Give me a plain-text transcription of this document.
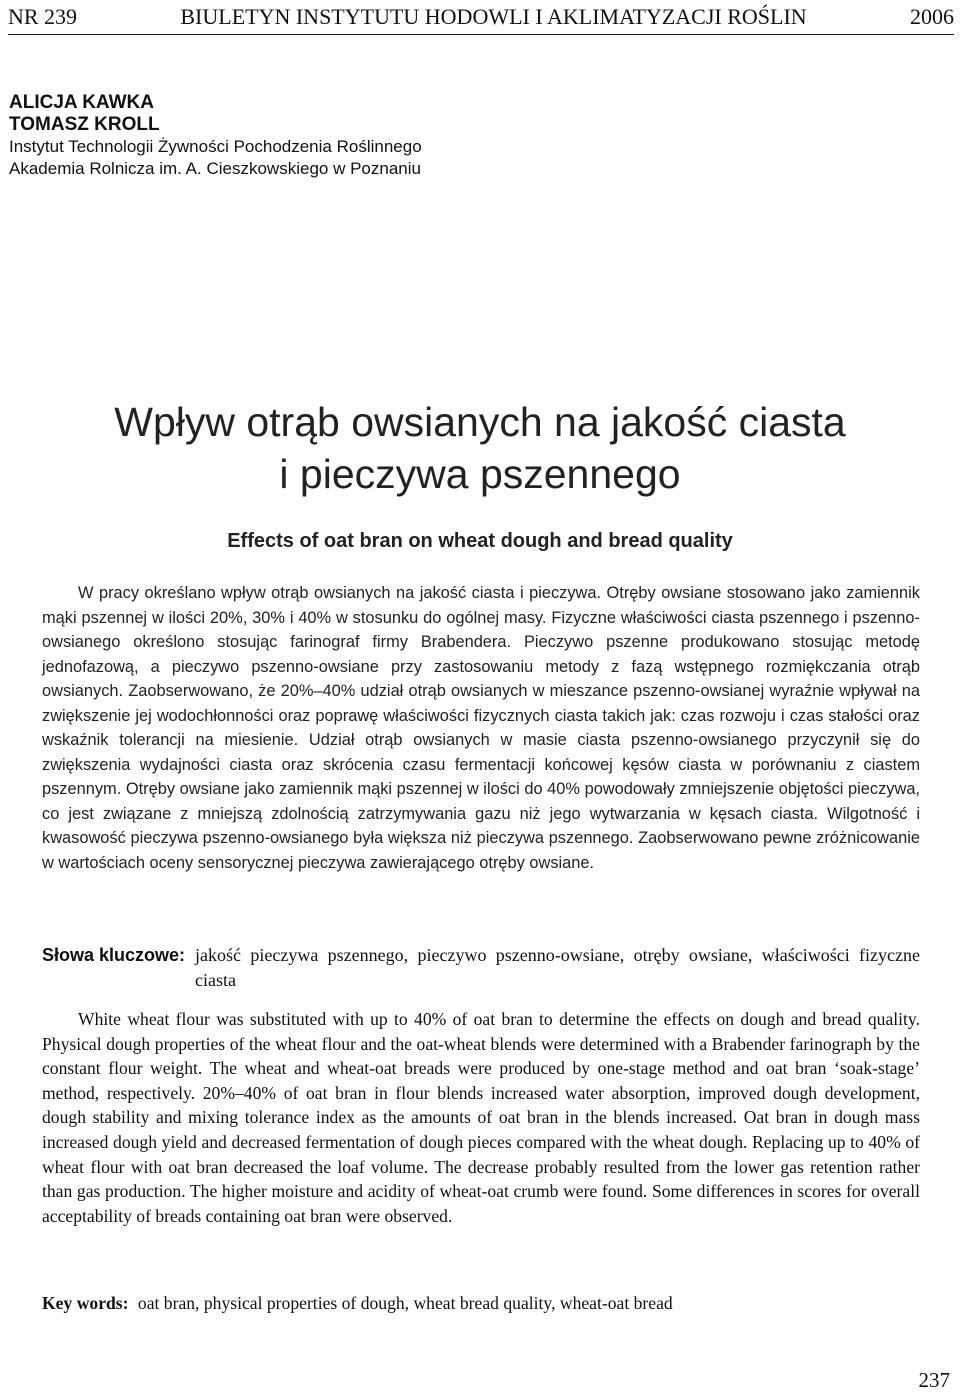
NR 239	BIULETYN INSTYTUTU HODOWLI I AKLIMATYZACJI ROŚLIN	2006
ALICJA KAWKA
TOMASZ KROLL
Instytut Technologii Żywności Pochodzenia Roślinnego
Akademia Rolnicza im. A. Cieszkowskiego w Poznaniu
Wpływ otrąb owsianych na jakość ciasta
i pieczywa pszennego
Effects of oat bran on wheat dough and bread quality
W pracy określano wpływ otrąb owsianych na jakość ciasta i pieczywa. Otręby owsiane stosowano jako zamiennik mąki pszennej w ilości 20%, 30% i 40% w stosunku do ogólnej masy. Fizyczne właściwości ciasta pszennego i pszenno-owsianego określono stosując farinograf firmy Brabendera. Pieczywo pszenne produkowano stosując metodę jednofazową, a pieczywo pszenno-owsiane przy zastosowaniu metody z fazą wstępnego rozmiękczania otrąb owsianych. Zaobserwowano, że 20%–40% udział otrąb owsianych w mieszance pszenno-owsianej wyraźnie wpływał na zwiększenie jej wodochłonności oraz poprawę właściwości fizycznych ciasta takich jak: czas rozwoju i czas stałości oraz wskaźnik tolerancji na miesienie. Udział otrąb owsianych w masie ciasta pszenno-owsianego przyczynił się do zwiększenia wydajności ciasta oraz skrócenia czasu fermentacji końcowej kęsów ciasta w porównaniu z ciastem pszennym. Otręby owsiane jako zamiennik mąki pszennej w ilości do 40% powodowały zmniejszenie objętości pieczywa, co jest związane z mniejszą zdolnością zatrzymywania gazu niż jego wytwarzania w kęsach ciasta. Wilgotność i kwasowość pieczywa pszenno-owsianego była większa niż pieczywa pszennego. Zaobserwowano pewne zróżnicowanie w wartościach oceny sensorycznej pieczywa zawierającego otręby owsiane.
Słowa kluczowe: jakość pieczywa pszennego, pieczywo pszenno-owsiane, otręby owsiane, właściwości fizyczne ciasta
White wheat flour was substituted with up to 40% of oat bran to determine the effects on dough and bread quality. Physical dough properties of the wheat flour and the oat-wheat blends were determined with a Brabender farinograph by the constant flour weight. The wheat and wheat-oat breads were produced by one-stage method and oat bran ‘soak-stage’ method, respectively. 20%–40% of oat bran in flour blends increased water absorption, improved dough development, dough stability and mixing tolerance index as the amounts of oat bran in the blends increased. Oat bran in dough mass increased dough yield and decreased fermentation of dough pieces compared with the wheat dough. Replacing up to 40% of wheat flour with oat bran decreased the loaf volume. The decrease probably resulted from the lower gas retention rather than gas production. The higher moisture and acidity of wheat-oat crumb were found. Some differences in scores for overall acceptability of breads containing oat bran were observed.
Key words: oat bran, physical properties of dough, wheat bread quality, wheat-oat bread
237
